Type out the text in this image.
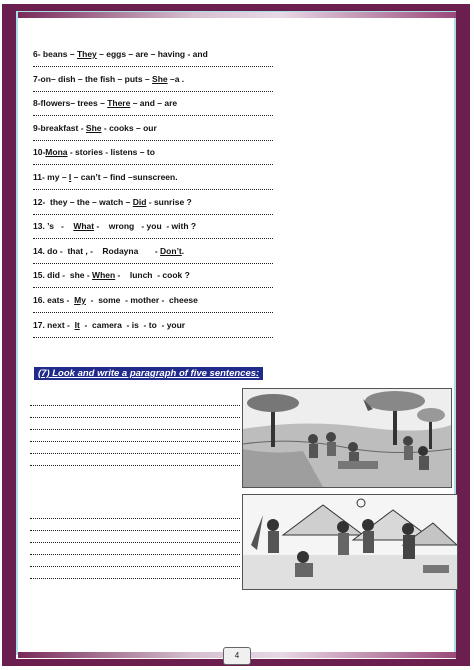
6- beans – They – eggs – are – having - and
7-on– dish – the fish – puts – She –a .
8-flowers– trees – There – and – are
9-breakfast - She - cooks – our
10-Mona - stories - listens – to
11- my – I – can’t – find –sunscreen.
12-  they – the – watch – Did - sunrise ?
13. ’s   -    What -    wrong   - you  - with ?
14. do -  that , -    Rodayna       - Don’t.
15. did -  she - When -    lunch  - cook ?
16. eats -  My  -  some  - mother -  cheese
17. next -  It  -  camera  - is  - to  - your
(7) Look and write a paragraph of five sentences:
4
